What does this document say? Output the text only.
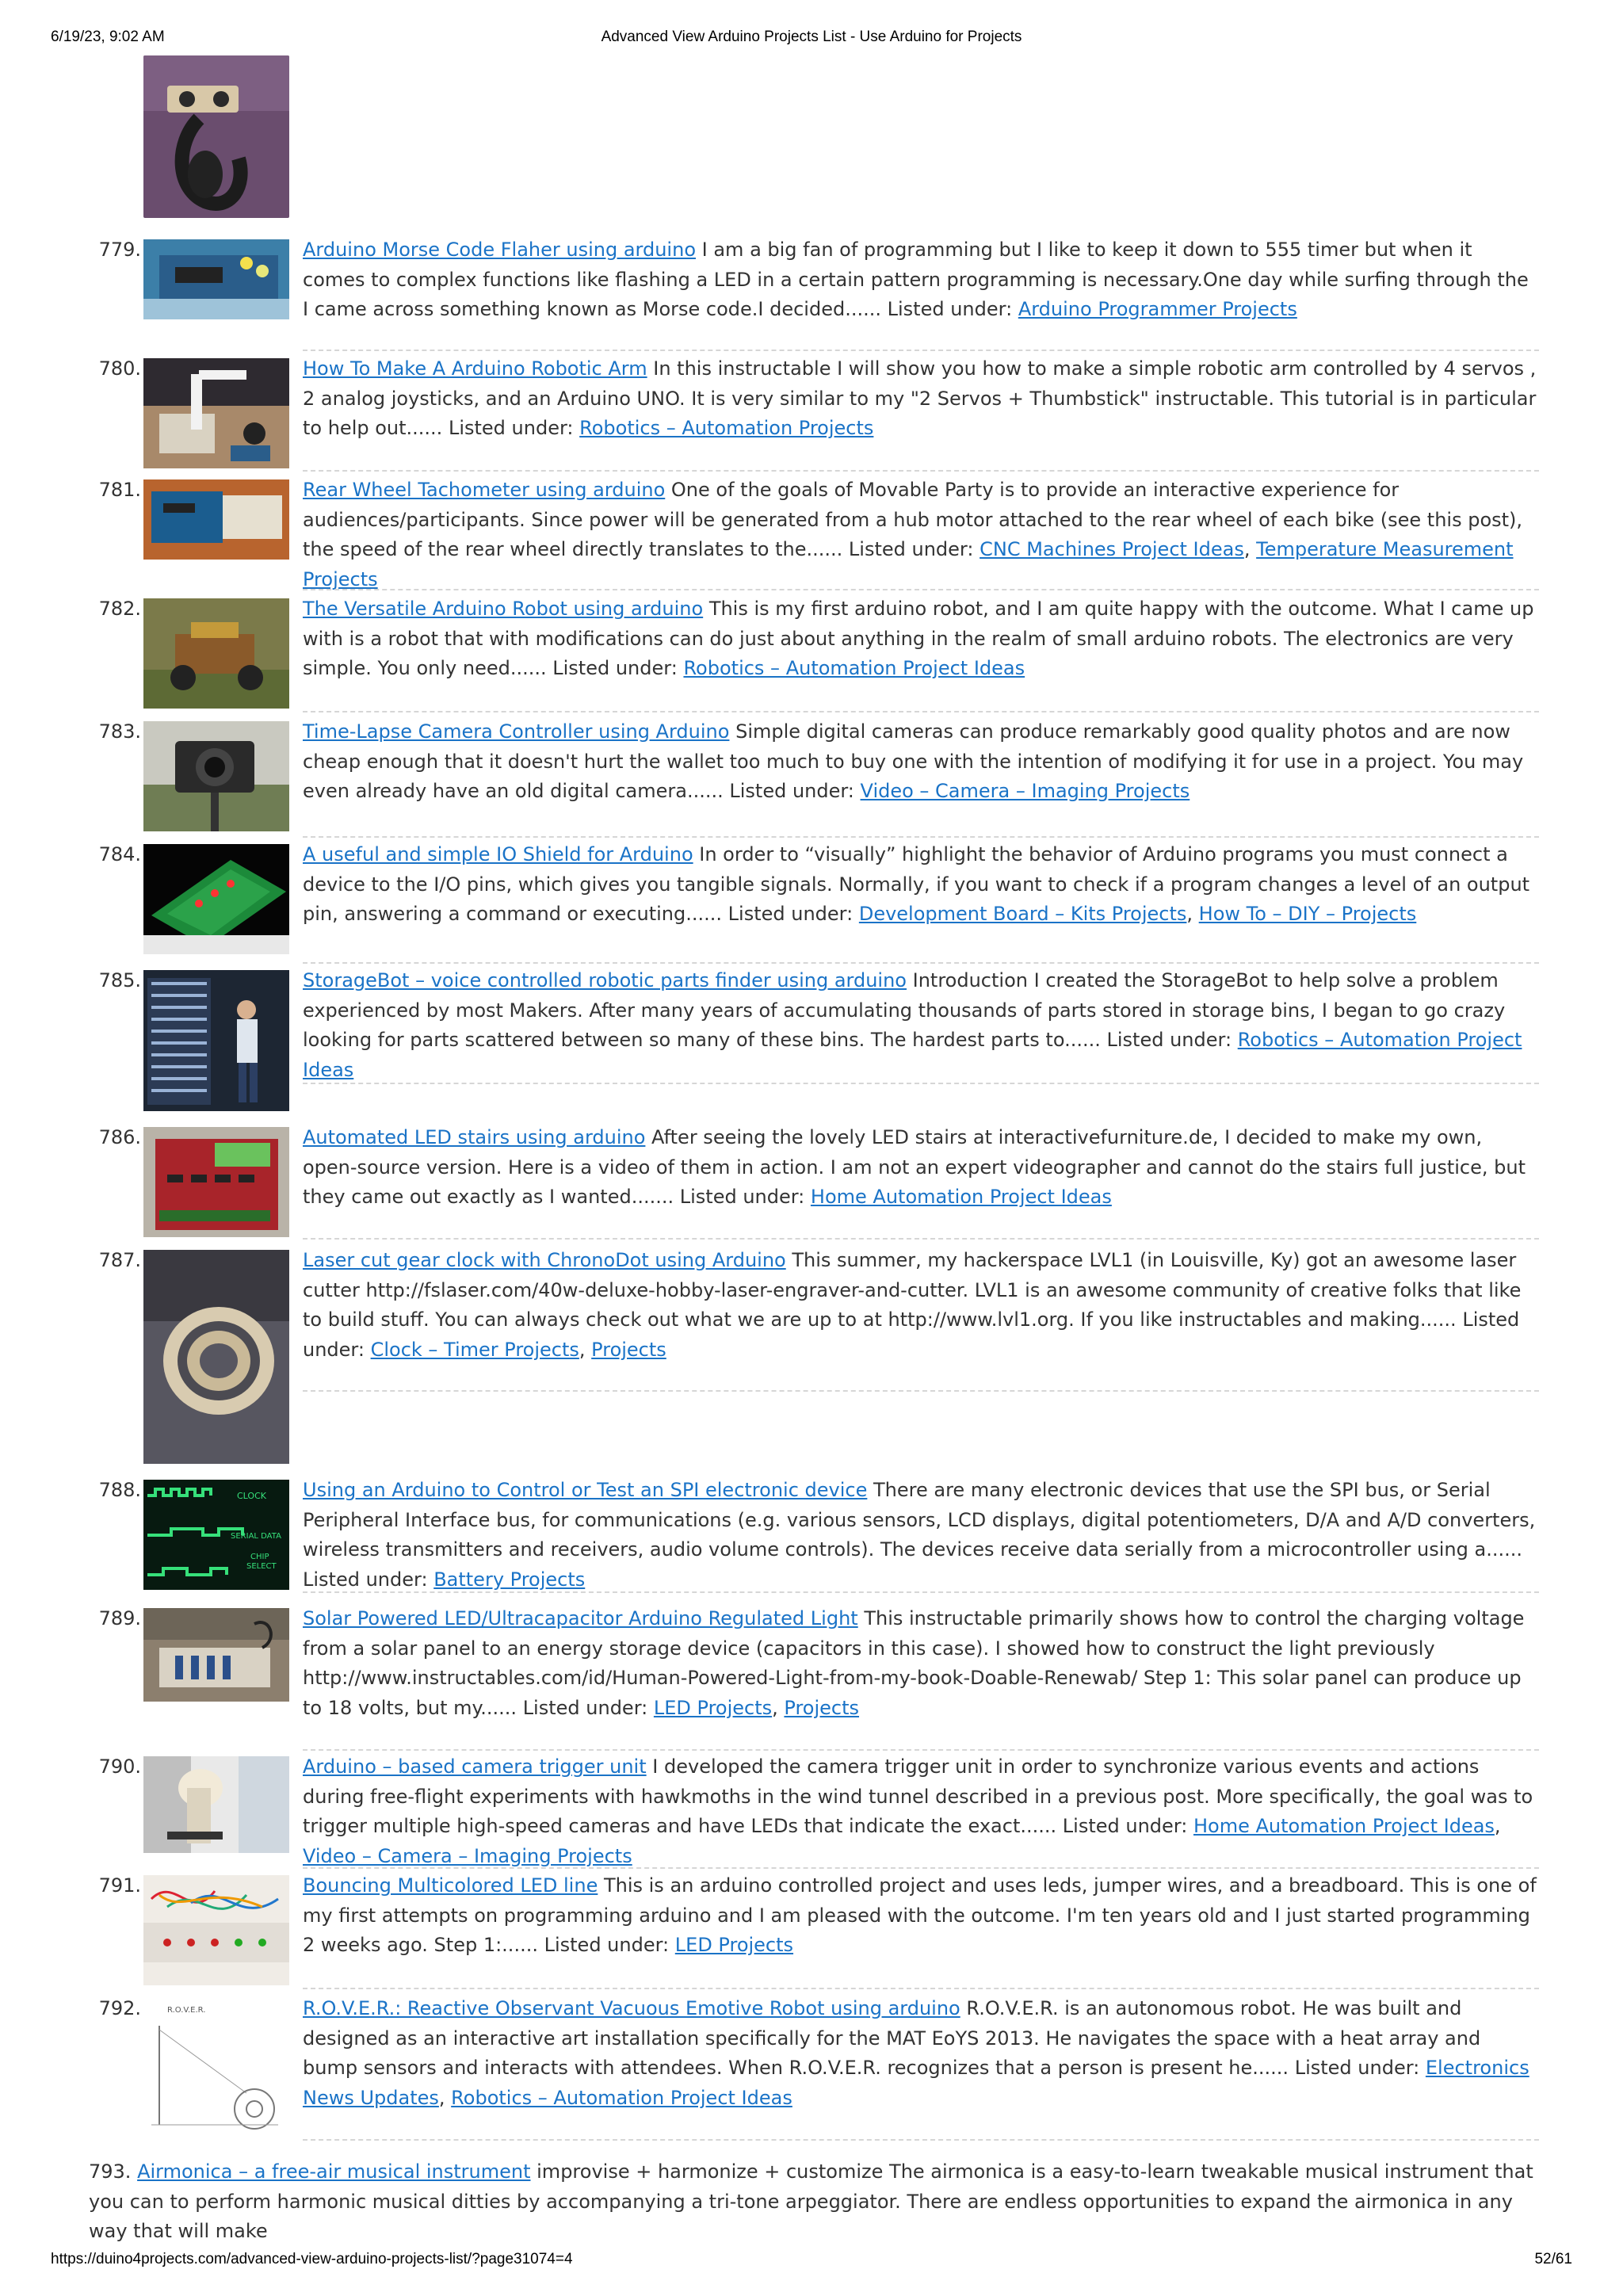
6/19/23, 9:02 AM	Advanced View Arduino Projects List - Use Arduino for Projects
779.	Arduino Morse Code Flaher using arduino I am a big fan of programming but I like to keep it down to 555 timer but when it comes to complex functions like flashing a LED in a certain pattern programming is necessary.One day while surfing through the I came across something known as Morse code.I decided...... Listed under: Arduino Programmer Projects
780.	How To Make A Arduino Robotic Arm In this instructable I will show you how to make a simple robotic arm controlled by 4 servos , 2 analog joysticks, and an Arduino UNO. It is very similar to my "2 Servos + Thumbstick" instructable. This tutorial is in particular to help out...... Listed under: Robotics – Automation Projects
781.	Rear Wheel Tachometer using arduino One of the goals of Movable Party is to provide an interactive experience for audiences/participants. Since power will be generated from a hub motor attached to the rear wheel of each bike (see this post), the speed of the rear wheel directly translates to the...... Listed under: CNC Machines Project Ideas, Temperature Measurement Projects
782.	The Versatile Arduino Robot using arduino This is my first arduino robot, and I am quite happy with the outcome. What I came up with is a robot that with modifications can do just about anything in the realm of small arduino robots. The electronics are very simple. You only need...... Listed under: Robotics – Automation Project Ideas
783.	Time-Lapse Camera Controller using Arduino Simple digital cameras can produce remarkably good quality photos and are now cheap enough that it doesn't hurt the wallet too much to buy one with the intention of modifying it for use in a project. You may even already have an old digital camera...... Listed under: Video – Camera – Imaging Projects
784.	A useful and simple IO Shield for Arduino In order to “visually” highlight the behavior of Arduino programs you must connect a device to the I/O pins, which gives you tangible signals. Normally, if you want to check if a program changes a level of an output pin, answering a command or executing...... Listed under: Development Board – Kits Projects, How To – DIY – Projects
785.	StorageBot – voice controlled robotic parts finder using arduino Introduction I created the StorageBot to help solve a problem experienced by most Makers. After many years of accumulating thousands of parts stored in storage bins, I began to go crazy looking for parts scattered between so many of these bins. The hardest parts to...... Listed under: Robotics – Automation Project Ideas
786.	Automated LED stairs using arduino After seeing the lovely LED stairs at interactivefurniture.de, I decided to make my own, open-source version. Here is a video of them in action. I am not an expert videographer and cannot do the stairs full justice, but they came out exactly as I wanted....... Listed under: Home Automation Project Ideas
787.	Laser cut gear clock with ChronoDot using Arduino This summer, my hackerspace LVL1 (in Louisville, Ky) got an awesome laser cutter http://fslaser.com/40w-deluxe-hobby-laser-engraver-and-cutter. LVL1 is an awesome community of creative folks that like to build stuff. You can always check out what we are up to at http://www.lvl1.org. If you like instructables and making...... Listed under: Clock – Timer Projects, Projects
788.	CLOCK
SERIAL DATA
CHIP
SELECT
Using an Arduino to Control or Test an SPI electronic device There are many electronic devices that use the SPI bus, or Serial Peripheral Interface bus, for communications (e.g. various sensors, LCD displays, digital potentiometers, D/A and A/D converters, wireless transmitters and receivers, audio volume controls). The devices receive data serially from a microcontroller using a...... Listed under: Battery Projects
789.	Solar Powered LED/Ultracapacitor Arduino Regulated Light This instructable primarily shows how to control the charging voltage from a solar panel to an energy storage device (capacitors in this case). I showed how to construct the light previously http://www.instructables.com/id/Human-Powered-Light-from-my-book-Doable-Renewab/ Step 1: This solar panel can produce up to 18 volts, but my...... Listed under: LED Projects, Projects
790.	Arduino – based camera trigger unit I developed the camera trigger unit in order to synchronize various events and actions during free-flight experiments with hawkmoths in the wind tunnel described in a previous post. More specifically, the goal was to trigger multiple high-speed cameras and have LEDs that indicate the exact...... Listed under: Home Automation Project Ideas, Video – Camera – Imaging Projects
791.	Bouncing Multicolored LED line This is an arduino controlled project and uses leds, jumper wires, and a breadboard. This is one of my first attempts on programming arduino and I am pleased with the outcome. I'm ten years old and I just started programming 2 weeks ago. Step 1:...... Listed under: LED Projects
792.	R.O.V.E.R.	R.O.V.E.R.: Reactive Observant Vacuous Emotive Robot using arduino R.O.V.E.R. is an autonomous robot. He was built and designed as an interactive art installation specifically for the MAT EoYS 2013. He navigates the space with a heat array and bump sensors and interacts with attendees. When R.O.V.E.R. recognizes that a person is present he...... Listed under: Electronics News Updates, Robotics – Automation Project Ideas
793. Airmonica – a free-air musical instrument improvise + harmonize + customize The airmonica is a easy-to-learn tweakable musical instrument that you can to perform harmonic musical ditties by accompanying a tri-tone arpeggiator. There are endless opportunities to expand the airmonica in any way that will make
https://duino4projects.com/advanced-view-arduino-projects-list/?page31074=4	52/61
